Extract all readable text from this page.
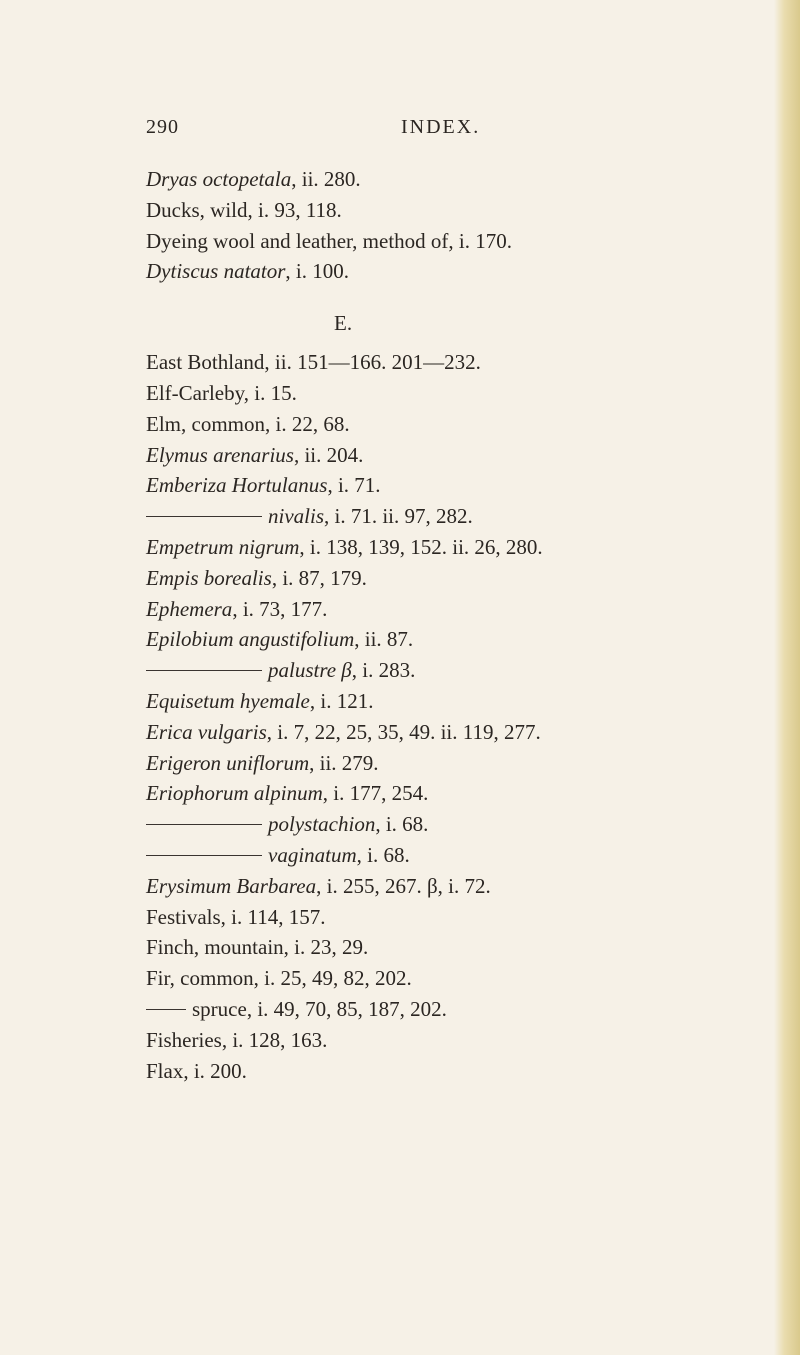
290	INDEX.
Dryas octopetala, ii. 280.
Ducks, wild, i. 93, 118.
Dyeing wool and leather, method of, i. 170.
Dytiscus natator, i. 100.
E.
East Bothland, ii. 151—166. 201—232.
Elf-Carleby, i. 15.
Elm, common, i. 22, 68.
Elymus arenarius, ii. 204.
Emberiza Hortulanus, i. 71.
nivalis, i. 71. ii. 97, 282.
Empetrum nigrum, i. 138, 139, 152. ii. 26, 280.
Empis borealis, i. 87, 179.
Ephemera, i. 73, 177.
Epilobium angustifolium, ii. 87.
palustre β, i. 283.
Equisetum hyemale, i. 121.
Erica vulgaris, i. 7, 22, 25, 35, 49. ii. 119, 277.
Erigeron uniflorum, ii. 279.
Eriophorum alpinum, i. 177, 254.
polystachion, i. 68.
vaginatum, i. 68.
Erysimum Barbarea, i. 255, 267. β, i. 72.
Festivals, i. 114, 157.
Finch, mountain, i. 23, 29.
Fir, common, i. 25, 49, 82, 202.
spruce, i. 49, 70, 85, 187, 202.
Fisheries, i. 128, 163.
Flax, i. 200.
